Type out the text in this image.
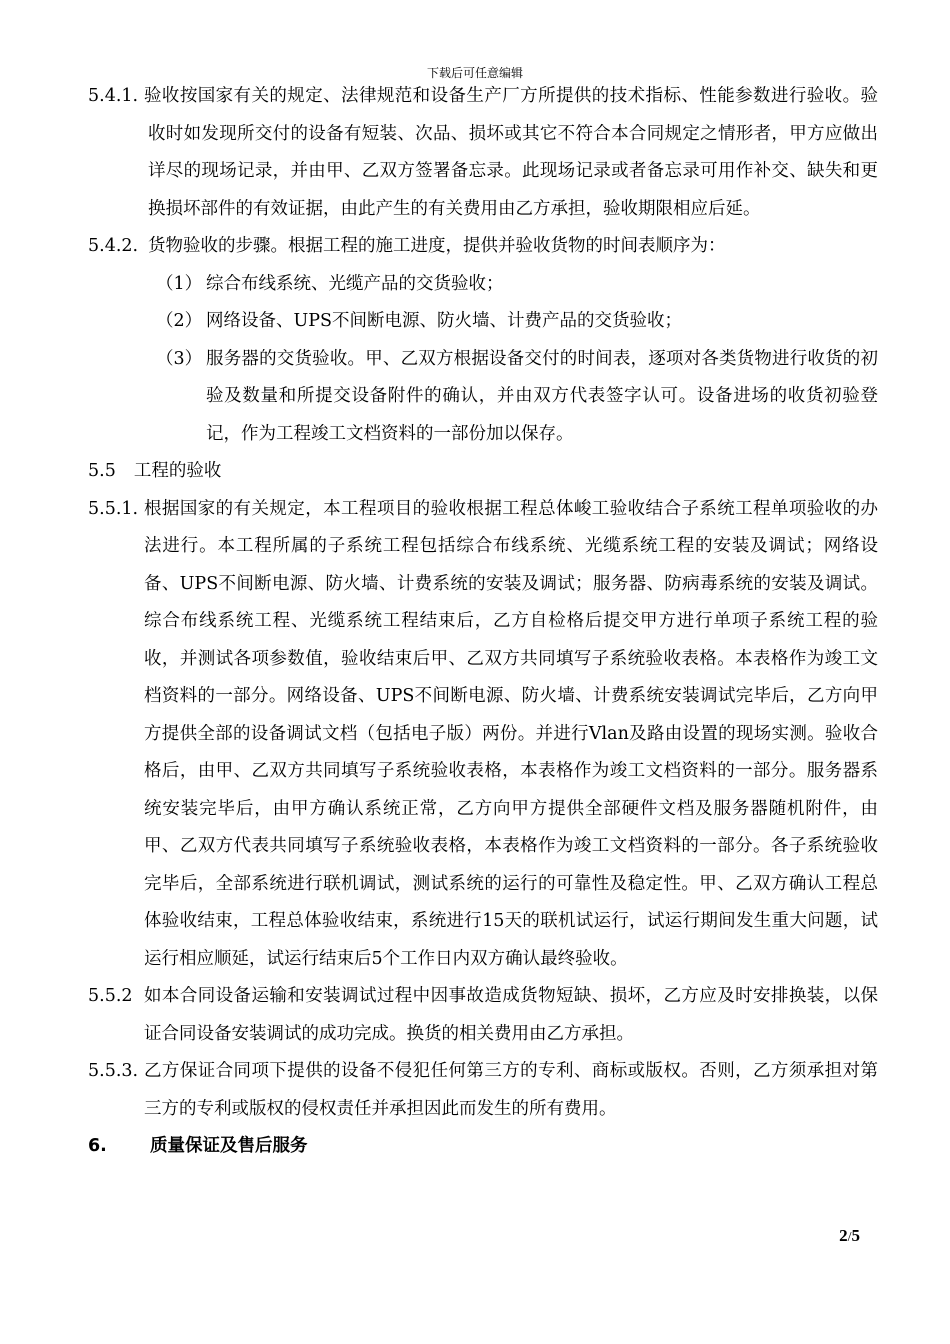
下载后可任意编辑
5.4.1. 验收按国家有关的规定、法律规范和设备生产厂方所提供的技术指标、性能参数进行验收。验收时如发现所交付的设备有短装、次品、损坏或其它不符合本合同规定之情形者，甲方应做出详尽的现场记录，并由甲、乙双方签署备忘录。此现场记录或者备忘录可用作补交、缺失和更换损坏部件的有效证据，由此产生的有关费用由乙方承担，验收期限相应后延。
5.4.2. 货物验收的步骤。根据工程的施工进度，提供并验收货物的时间表顺序为：
（1） 综合布线系统、光缆产品的交货验收；
（2） 网络设备、UPS不间断电源、防火墙、计费产品的交货验收；
（3） 服务器的交货验收。甲、乙双方根据设备交付的时间表，逐项对各类货物进行收货的初验及数量和所提交设备附件的确认，并由双方代表签字认可。设备进场的收货初验登记，作为工程竣工文档资料的一部份加以保存。
5.5 工程的验收
5.5.1. 根据国家的有关规定，本工程项目的验收根据工程总体峻工验收结合子系统工程单项验收的办法进行。本工程所属的子系统工程包括综合布线系统、光缆系统工程的安装及调试；网络设备、UPS不间断电源、防火墙、计费系统的安装及调试；服务器、防病毒系统的安装及调试。综合布线系统工程、光缆系统工程结束后，乙方自检格后提交甲方进行单项子系统工程的验收，并测试各项参数值，验收结束后甲、乙双方共同填写子系统验收表格。本表格作为竣工文档资料的一部分。网络设备、UPS不间断电源、防火墙、计费系统安装调试完毕后，乙方向甲方提供全部的设备调试文档（包括电子版）两份。并进行Vlan及路由设置的现场实测。验收合格后，由甲、乙双方共同填写子系统验收表格，本表格作为竣工文档资料的一部分。服务器系统安装完毕后，由甲方确认系统正常，乙方向甲方提供全部硬件文档及服务器随机附件，由甲、乙双方代表共同填写子系统验收表格，本表格作为竣工文档资料的一部分。各子系统验收完毕后，全部系统进行联机调试，测试系统的运行的可靠性及稳定性。甲、乙双方确认工程总体验收结束，工程总体验收结束，系统进行15天的联机试运行，试运行期间发生重大问题，试运行相应顺延，试运行结束后5个工作日内双方确认最终验收。
5.5.2 如本合同设备运输和安装调试过程中因事故造成货物短缺、损坏，乙方应及时安排换装，以保证合同设备安装调试的成功完成。换货的相关费用由乙方承担。
5.5.3. 乙方保证合同项下提供的设备不侵犯任何第三方的专利、商标或版权。否则，乙方须承担对第三方的专利或版权的侵权责任并承担因此而发生的所有费用。
6. 质量保证及售后服务
2/5
